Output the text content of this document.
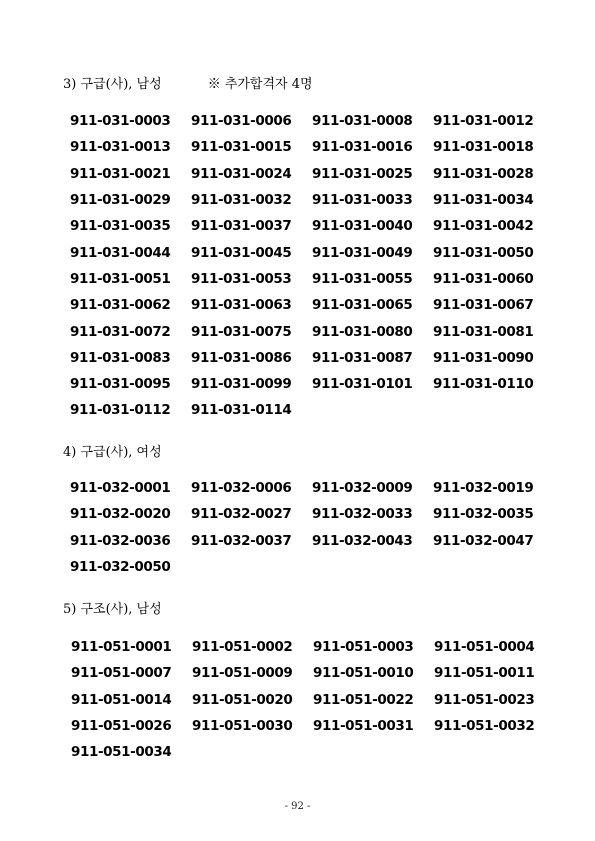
3) 구급(사), 남성	※ 추가합격자 4명
911-031-0003	911-031-0006	911-031-0008	911-031-0012
911-031-0013	911-031-0015	911-031-0016	911-031-0018
911-031-0021	911-031-0024	911-031-0025	911-031-0028
911-031-0029	911-031-0032	911-031-0033	911-031-0034
911-031-0035	911-031-0037	911-031-0040	911-031-0042
911-031-0044	911-031-0045	911-031-0049	911-031-0050
911-031-0051	911-031-0053	911-031-0055	911-031-0060
911-031-0062	911-031-0063	911-031-0065	911-031-0067
911-031-0072	911-031-0075	911-031-0080	911-031-0081
911-031-0083	911-031-0086	911-031-0087	911-031-0090
911-031-0095	911-031-0099	911-031-0101	911-031-0110
911-031-0112	911-031-0114
4) 구급(사), 여성
911-032-0001	911-032-0006	911-032-0009	911-032-0019
911-032-0020	911-032-0027	911-032-0033	911-032-0035
911-032-0036	911-032-0037	911-032-0043	911-032-0047
911-032-0050
5) 구조(사), 남성
911-051-0001	911-051-0002	911-051-0003	911-051-0004
911-051-0007	911-051-0009	911-051-0010	911-051-0011
911-051-0014	911-051-0020	911-051-0022	911-051-0023
911-051-0026	911-051-0030	911-051-0031	911-051-0032
911-051-0034
- 92 -
